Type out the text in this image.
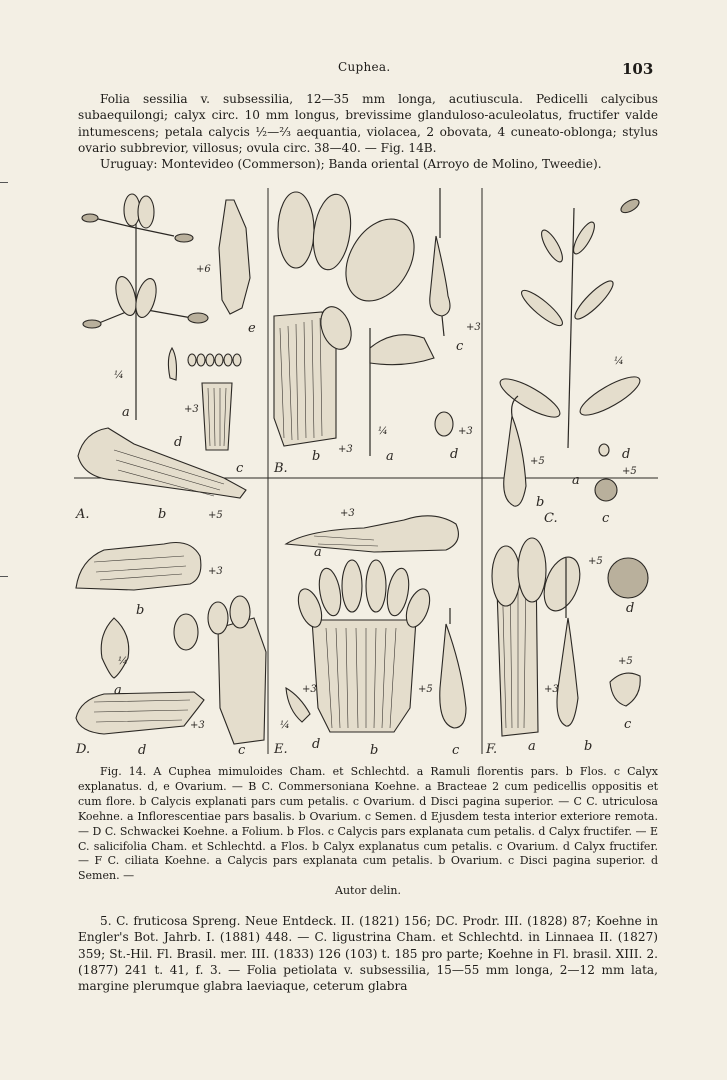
Cuphea.	103

Folia sessilia v. subsessilia, 12—35 mm longa, acutiuscula. Pedicelli calycibus subaequilongi; calyx circ. 10 mm longus, brevissime glanduloso-aculeolatus, fructifer valde intumescens; petala calycis ½—⅔ aequantia, violacea, 2 obovata, 4 cuneato-oblonga; stylus ovario subbrevior, villosus; ovula circ. 38—40. — Fig. 14B.

Uruguay: Montevideo (Commerson); Banda oriental (Arroyo de Molino, Tweedie).

A.
a
¼
b	+5
c
d
+3
e
+6
B.
a
¼
b +3
c
+3
d
+3
C.
a
¼
b
+5
c
d
+5
D.
a
¼
b
+3
c
d
+3
E.
a
+3
b
+3
c
+5
d
¼
F. a
+3
b
c
+5
d
+5

Fig. 14. A Cuphea mimuloides Cham. et Schlechtd. a Ramuli florentis pars. b Flos. c Calyx explanatus. d, e Ovarium. — B C. Commersoniana Koehne. a Bracteae 2 cum pedicellis oppositis et cum flore. b Calycis explanati pars cum petalis. c Ovarium. d Disci pagina superior. — C C. utriculosa Koehne. a Inflorescentiae pars basalis. b Ovarium. c Semen. d Ejusdem testa interior exteriore remota. — D C. Schwackei Koehne. a Folium. b Flos. c Calycis pars explanata cum petalis. d Calyx fructifer. — E C. salicifolia Cham. et Schlechtd. a Flos. b Calyx explanatus cum petalis. c Ovarium. d Calyx fructifer. — F C. ciliata Koehne. a Calycis pars explanata cum petalis. b Ovarium. c Disci pagina superior. d Semen. —

Autor delin.

5. C. fruticosa Spreng. Neue Entdeck. II. (1821) 156; DC. Prodr. III. (1828) 87; Koehne in Engler's Bot. Jahrb. I. (1881) 448. — C. ligustrina Cham. et Schlechtd. in Linnaea II. (1827) 359; St.-Hil. Fl. Brasil. mer. III. (1833) 126 (103) t. 185 pro parte; Koehne in Fl. brasil. XIII. 2. (1877) 241 t. 41, f. 3. — Folia petiolata v. subsessilia, 15—55 mm longa, 2—12 mm lata, margine plerumque glabra laeviaque, ceterum glabra
